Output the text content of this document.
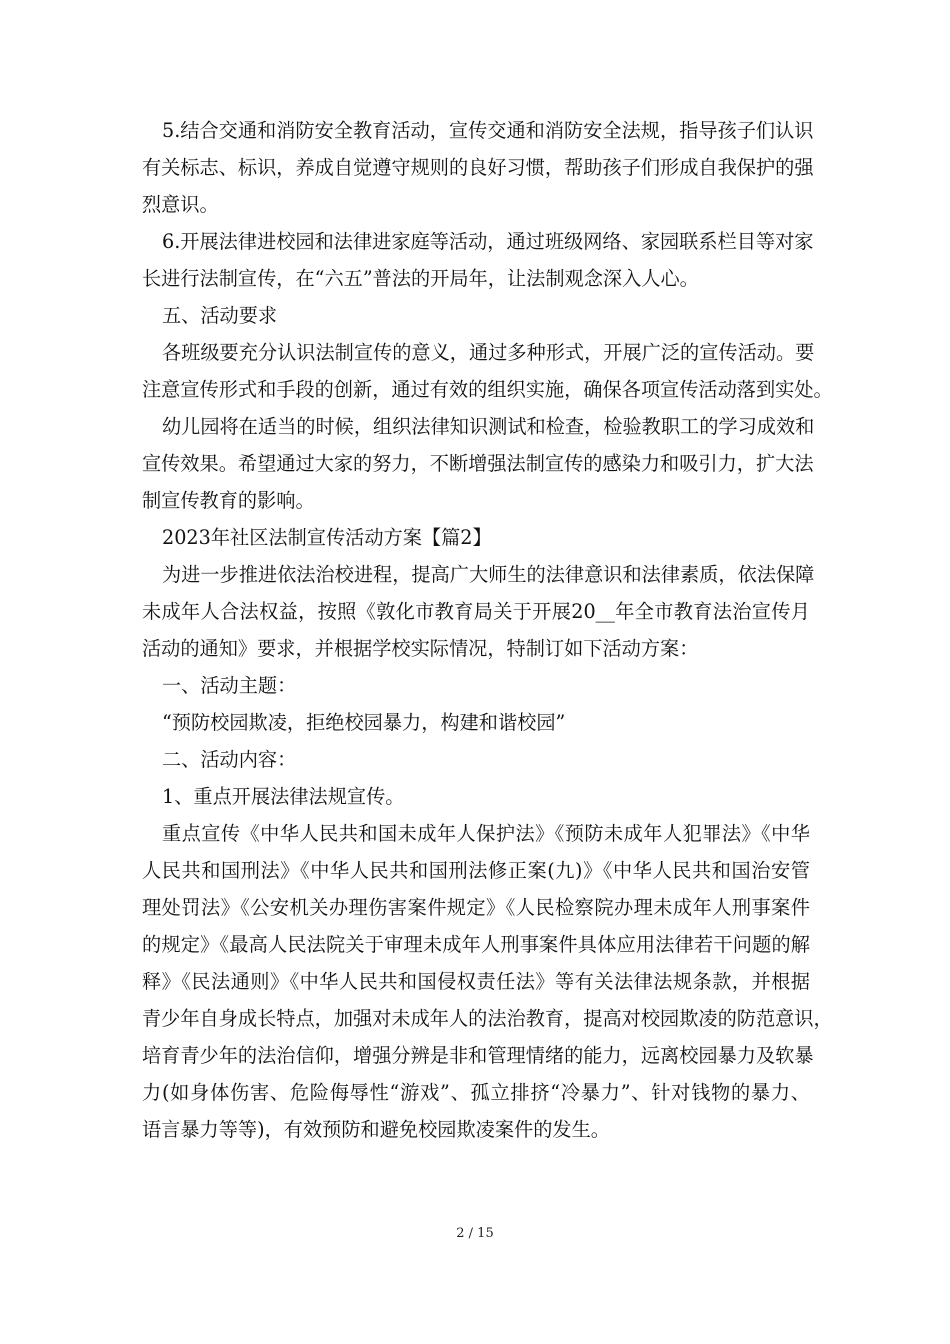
5.结合交通和消防安全教育活动，宣传交通和消防安全法规，指导孩子们认识
有关标志、标识，养成自觉遵守规则的良好习惯，帮助孩子们形成自我保护的强
烈意识。
6.开展法律进校园和法律进家庭等活动，通过班级网络、家园联系栏目等对家
长进行法制宣传，在“六五”普法的开局年，让法制观念深入人心。
五、活动要求
各班级要充分认识法制宣传的意义，通过多种形式，开展广泛的宣传活动。要
注意宣传形式和手段的创新，通过有效的组织实施，确保各项宣传活动落到实处。
幼儿园将在适当的时候，组织法律知识测试和检查，检验教职工的学习成效和
宣传效果。希望通过大家的努力，不断增强法制宣传的感染力和吸引力，扩大法
制宣传教育的影响。
2023年社区法制宣传活动方案【篇2】
为进一步推进依法治校进程，提高广大师生的法律意识和法律素质，依法保障
未成年人合法权益，按照《敦化市教育局关于开展20__年全市教育法治宣传月
活动的通知》要求，并根据学校实际情况，特制订如下活动方案：
一、活动主题：
“预防校园欺凌，拒绝校园暴力，构建和谐校园”
二、活动内容：
1、重点开展法律法规宣传。
重点宣传《中华人民共和国未成年人保护法》《预防未成年人犯罪法》《中华
人民共和国刑法》《中华人民共和国刑法修正案(九)》《中华人民共和国治安管
理处罚法》《公安机关办理伤害案件规定》《人民检察院办理未成年人刑事案件
的规定》《最高人民法院关于审理未成年人刑事案件具体应用法律若干问题的解
释》《民法通则》《中华人民共和国侵权责任法》等有关法律法规条款，并根据
青少年自身成长特点，加强对未成年人的法治教育，提高对校园欺凌的防范意识，
培育青少年的法治信仰，增强分辨是非和管理情绪的能力，远离校园暴力及软暴
力(如身体伤害、危险侮辱性“游戏”、孤立排挤“冷暴力”、针对钱物的暴力、
语言暴力等等)，有效预防和避免校园欺凌案件的发生。
2 / 15
